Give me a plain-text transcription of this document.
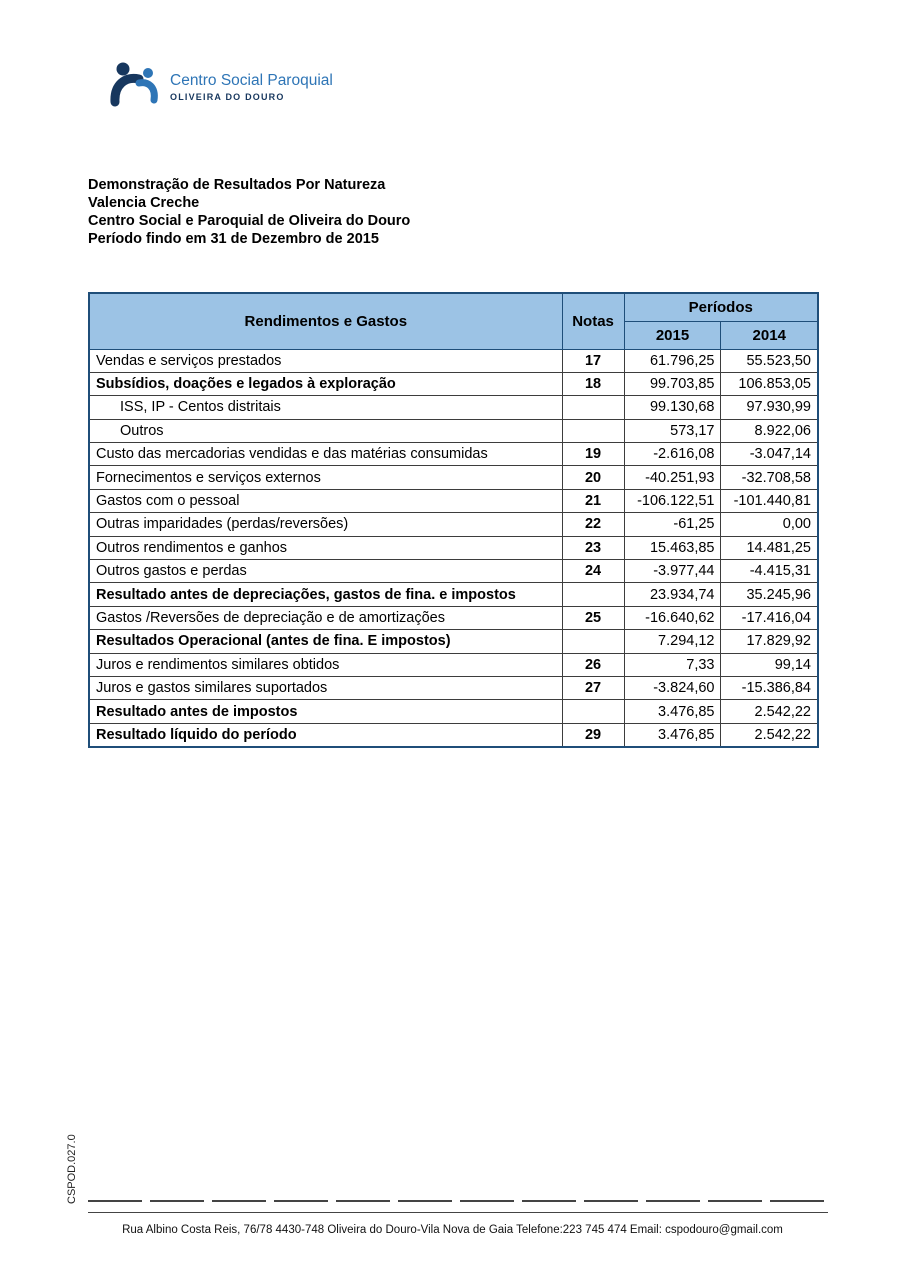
Centro Social Paroquial
OLIVEIRA DO DOURO
Demonstração de Resultados Por Natureza
Valencia Creche
Centro Social e Paroquial de Oliveira do Douro
Período findo em 31 de Dezembro de 2015
Rendimentos e Gastos	Notas	Períodos	
		2015	2014
Vendas e serviços prestados	17	61.796,25	55.523,50
Subsídios, doações e legados à exploração	18	99.703,85	106.853,05
ISS, IP - Centos distritais		99.130,68	97.930,99
Outros		573,17	8.922,06
Custo das mercadorias vendidas e das matérias consumidas	19	-2.616,08	-3.047,14
Fornecimentos e serviços externos	20	-40.251,93	-32.708,58
Gastos com o pessoal	21	-106.122,51	-101.440,81
Outras imparidades (perdas/reversões)	22	-61,25	0,00
Outros rendimentos e ganhos	23	15.463,85	14.481,25
Outros gastos e perdas	24	-3.977,44	-4.415,31
Resultado antes de depreciações, gastos de fina. e impostos		23.934,74	35.245,96
Gastos /Reversões de depreciação e de amortizações	25	-16.640,62	-17.416,04
Resultados Operacional (antes de fina. E impostos)		7.294,12	17.829,92
Juros e rendimentos similares obtidos	26	7,33	99,14
Juros e gastos similares suportados	27	-3.824,60	-15.386,84
Resultado antes de impostos		3.476,85	2.542,22
Resultado líquido do período	29	3.476,85	2.542,22
CSPOD.027.0
Rua Albino Costa Reis, 76/78 4430-748 Oliveira do Douro-Vila Nova de Gaia Telefone:223 745 474 Email: cspodouro@gmail.com
